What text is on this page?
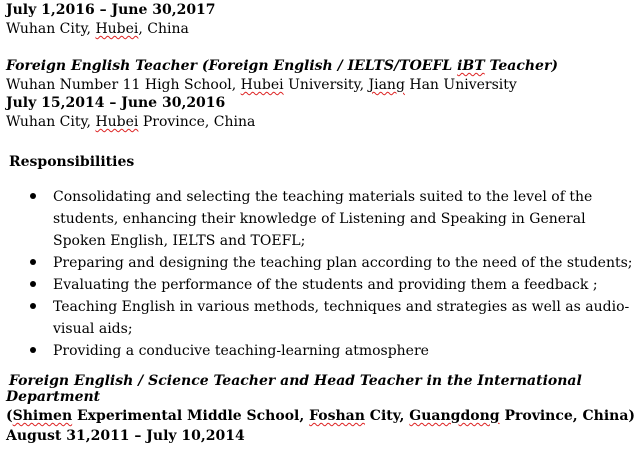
July 1,2016 – June 30,2017
Wuhan City, Hubei, China
Foreign English Teacher (Foreign English / IELTS/TOEFL iBT Teacher)
Wuhan Number 11 High School, Hubei University, Jiang Han University
July 15,2014 – June 30,2016
Wuhan City, Hubei Province, China
Responsibilities
Consolidating and selecting the teaching materials suited to the level of the students, enhancing their knowledge of Listening and Speaking in General Spoken English, IELTS and TOEFL;
Preparing and designing the teaching plan according to the need of the students;
Evaluating the performance of the students and providing them a feedback ;
Teaching English in various methods, techniques and strategies as well as audio-visual aids;
Providing a conducive teaching-learning atmosphere
Foreign English / Science Teacher and Head Teacher in the International
Department
(Shimen Experimental Middle School, Foshan City, Guangdong Province, China)
August 31,2011 – July 10,2014
